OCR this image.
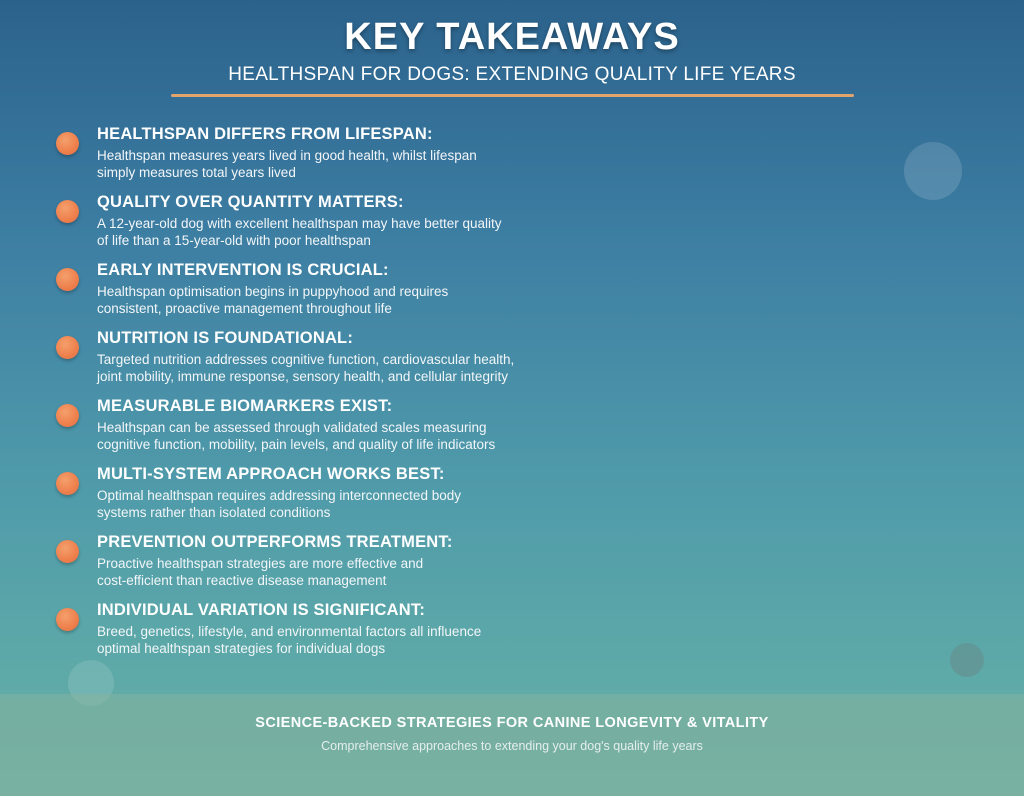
KEY TAKEAWAYS
HEALTHSPAN FOR DOGS: EXTENDING QUALITY LIFE YEARS
HEALTHSPAN DIFFERS FROM LIFESPAN:
Healthspan measures years lived in good health, whilst lifespan
simply measures total years lived
QUALITY OVER QUANTITY MATTERS:
A 12-year-old dog with excellent healthspan may have better quality
of life than a 15-year-old with poor healthspan
EARLY INTERVENTION IS CRUCIAL:
Healthspan optimisation begins in puppyhood and requires
consistent, proactive management throughout life
NUTRITION IS FOUNDATIONAL:
Targeted nutrition addresses cognitive function, cardiovascular health,
joint mobility, immune response, sensory health, and cellular integrity
MEASURABLE BIOMARKERS EXIST:
Healthspan can be assessed through validated scales measuring
cognitive function, mobility, pain levels, and quality of life indicators
MULTI-SYSTEM APPROACH WORKS BEST:
Optimal healthspan requires addressing interconnected body
systems rather than isolated conditions
PREVENTION OUTPERFORMS TREATMENT:
Proactive healthspan strategies are more effective and
cost-efficient than reactive disease management
INDIVIDUAL VARIATION IS SIGNIFICANT:
Breed, genetics, lifestyle, and environmental factors all influence
optimal healthspan strategies for individual dogs
SCIENCE-BACKED STRATEGIES FOR CANINE LONGEVITY & VITALITY
Comprehensive approaches to extending your dog's quality life years
